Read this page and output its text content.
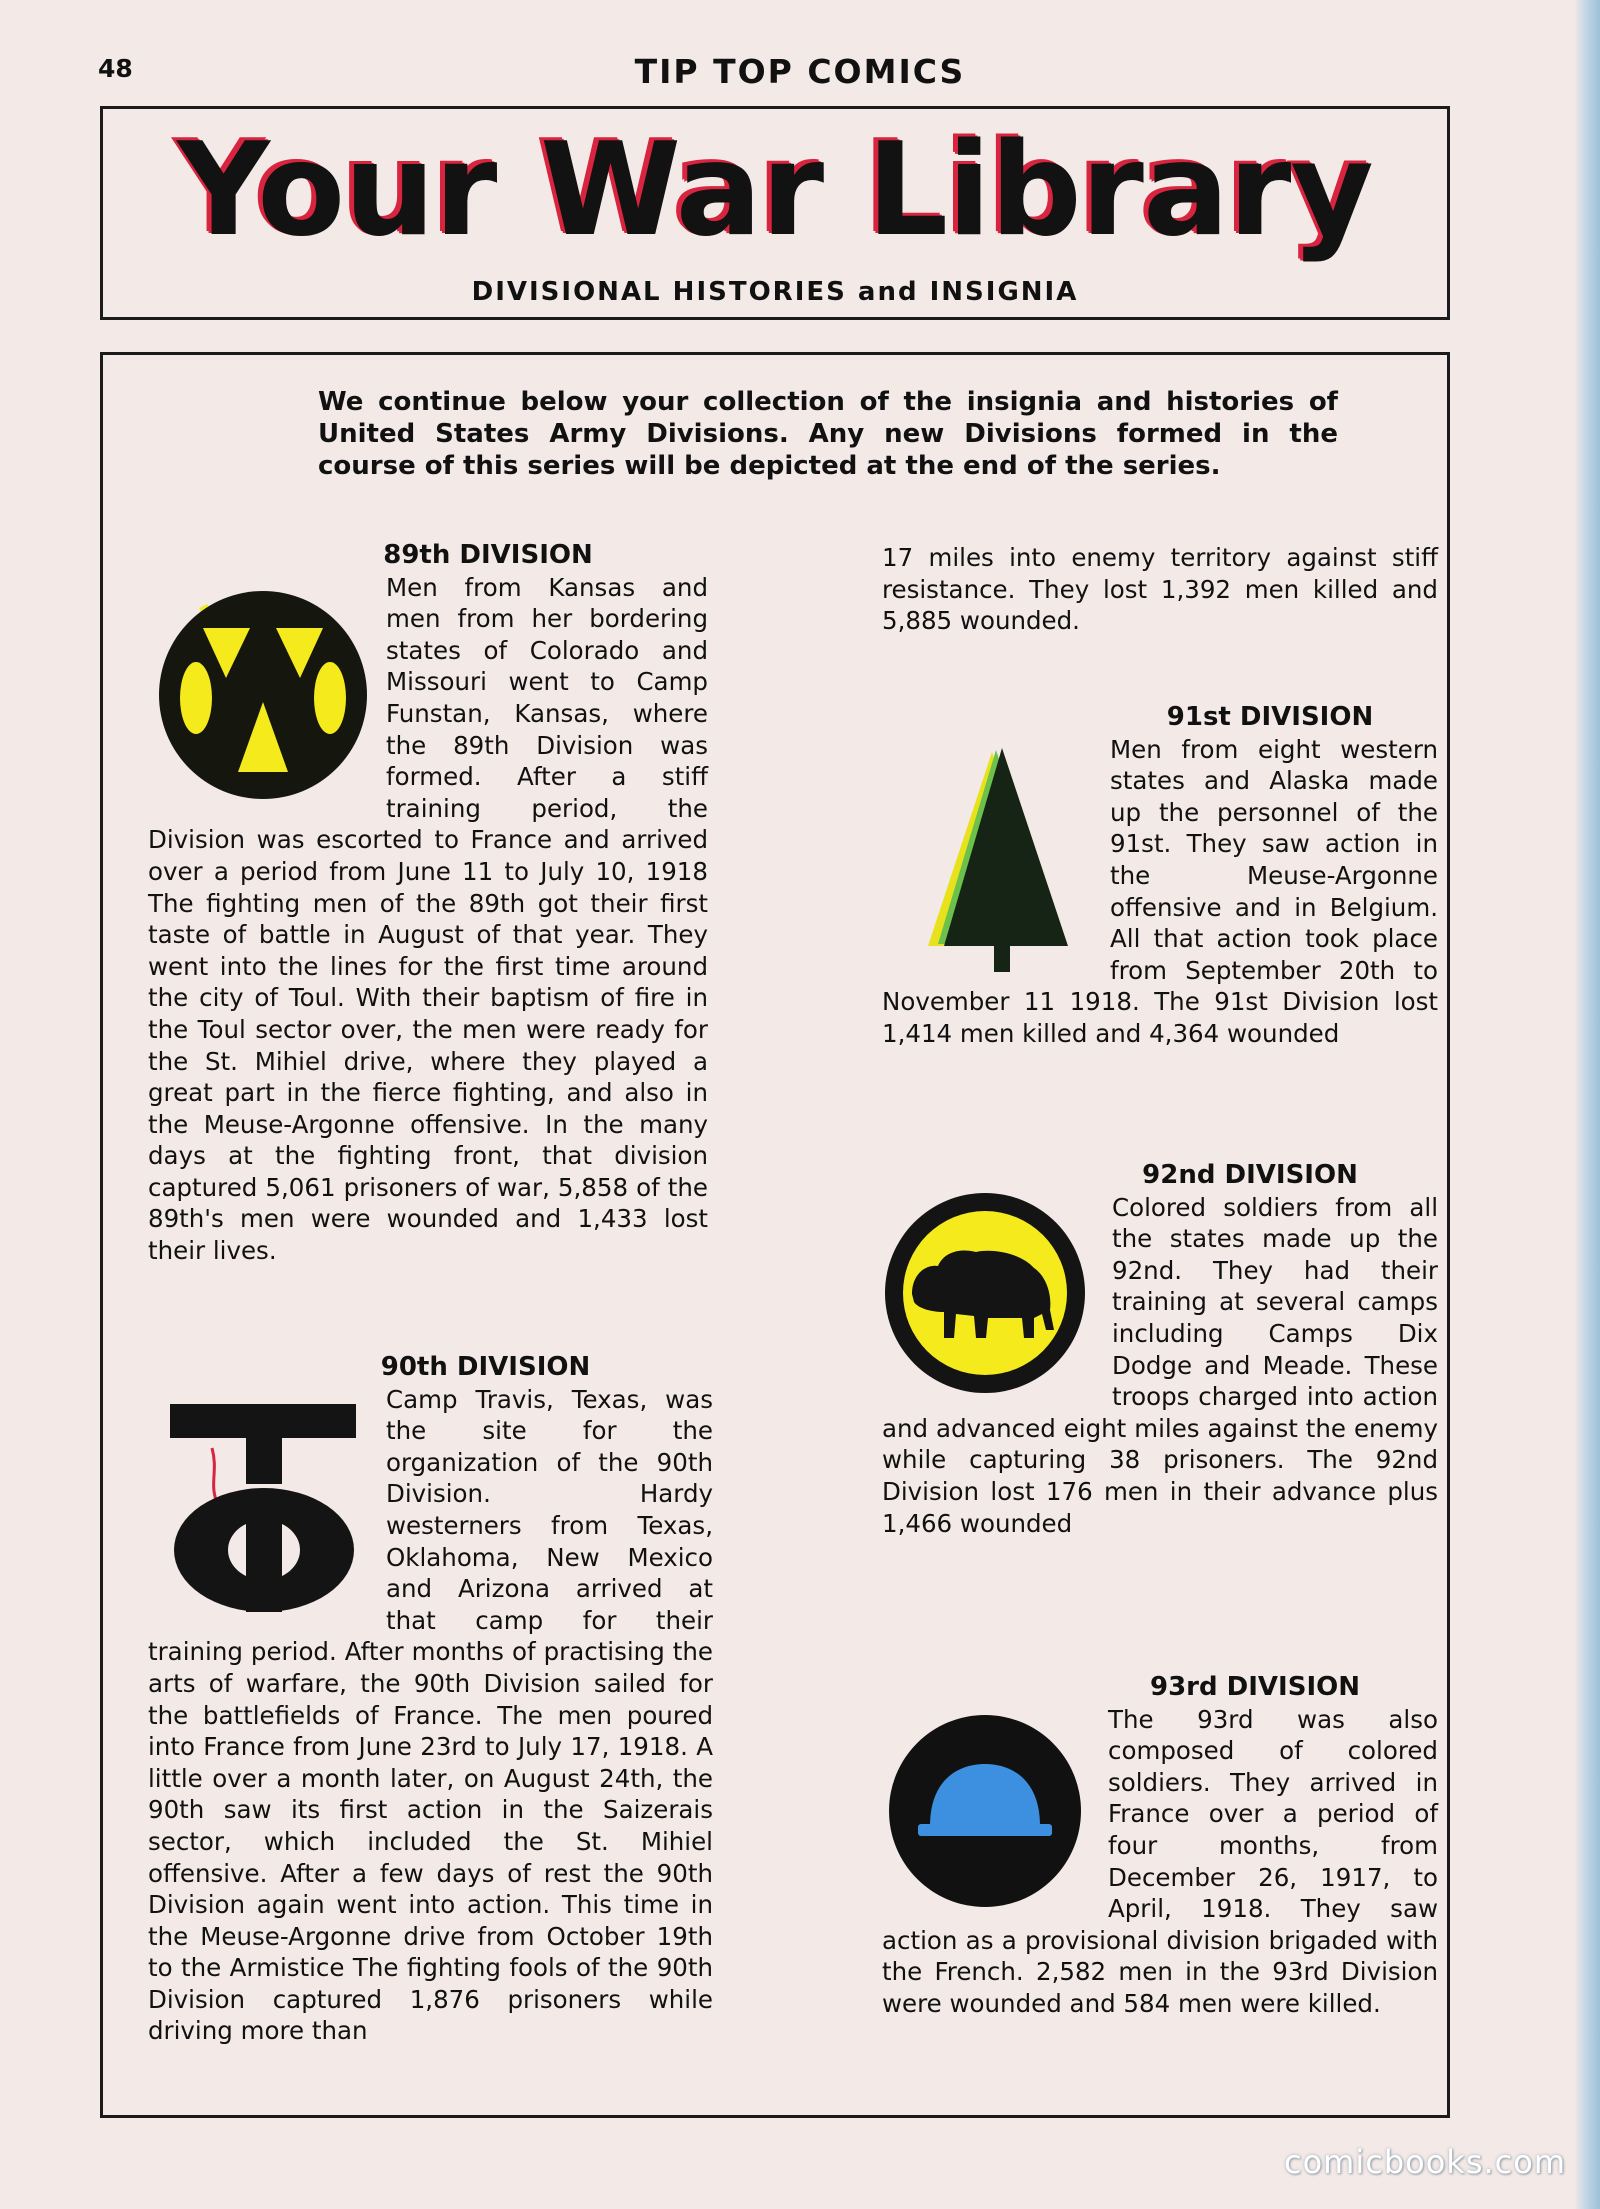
48	TIP TOP COMICS
Your War Library
DIVISIONAL HISTORIES and INSIGNIA
We continue below your collection of the insignia and histories of United States Army Divisions. Any new Divisions formed in the course of this series will be depicted at the end of the series.
89th DIVISION

Men from Kansas and men from her bordering states of Colorado and Missouri went to Camp Funstan, Kansas, where the 89th Division was formed. After a stiff training period, the Division was escorted to France and arrived over a period from June 11 to July 10, 1918 The fighting men of the 89th got their first taste of battle in August of that year. They went into the lines for the first time around the city of Toul. With their baptism of fire in the Toul sector over, the men were ready for the St. Mihiel drive, where they played a great part in the fierce fighting, and also in the Meuse-Argonne offensive. In the many days at the fighting front, that division captured 5,061 prisoners of war, 5,858 of the 89th's men were wounded and 1,433 lost their lives.

90th DIVISION

Camp Travis, Texas, was the site for the organization of the 90th Division. Hardy westerners from Texas, Oklahoma, New Mexico and Arizona arrived at that camp for their training period. After months of practising the arts of warfare, the 90th Division sailed for the battlefields of France. The men poured into France from June 23rd to July 17, 1918. A little over a month later, on August 24th, the 90th saw its first action in the Saizerais sector, which included the St. Mihiel offensive. After a few days of rest the 90th Division again went into action. This time in the Meuse-Argonne drive from October 19th to the Armistice The fighting fools of the 90th Division captured 1,876 prisoners while driving more than

17 miles into enemy territory against stiff resistance. They lost 1,392 men killed and 5,885 wounded.

91st DIVISION

Men from eight western states and Alaska made up the personnel of the 91st. They saw action in the Meuse-Argonne offensive and in Belgium. All that action took place from September 20th to November 11 1918. The 91st Division lost 1,414 men killed and 4,364 wounded

92nd DIVISION

Colored soldiers from all the states made up the 92nd. They had their training at several camps including Camps Dix Dodge and Meade. These troops charged into action and advanced eight miles against the enemy while capturing 38 prisoners. The 92nd Division lost 176 men in their advance plus 1,466 wounded

93rd DIVISION

The 93rd was also composed of colored soldiers. They arrived in France over a period of four months, from December 26, 1917, to April, 1918. They saw action as a provisional division brigaded with the French. 2,582 men in the 93rd Division were wounded and 584 men were killed.

comicbooks.com
